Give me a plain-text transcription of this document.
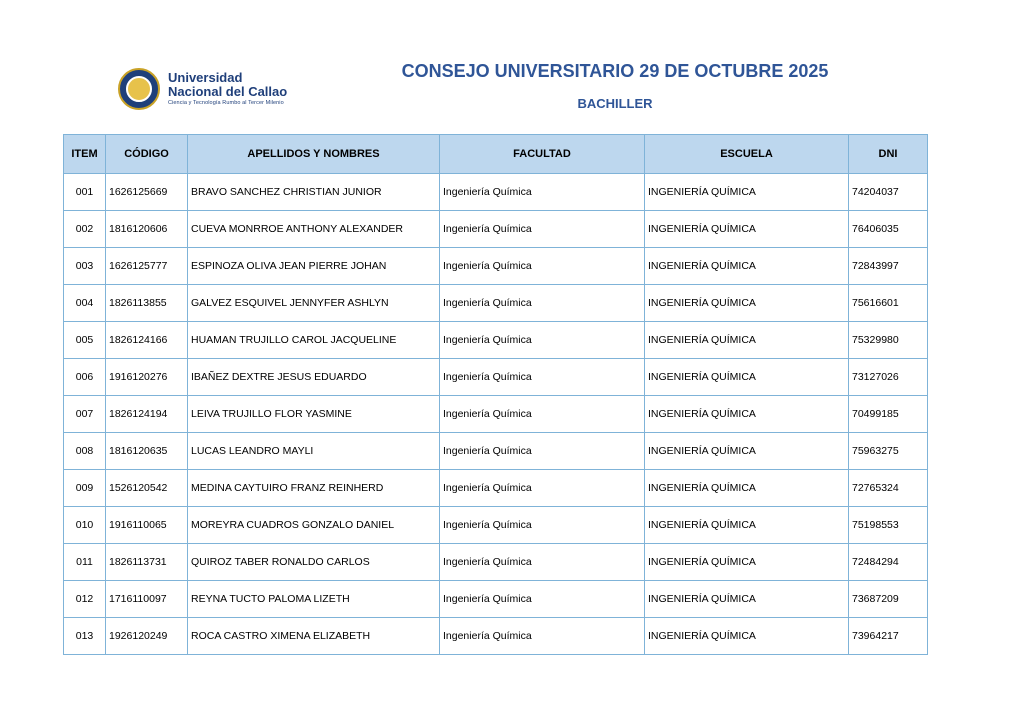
Universidad
Nacional del Callao
Ciencia y Tecnología Rumbo al Tercer Milenio
CONSEJO UNIVERSITARIO 29 DE OCTUBRE 2025
BACHILLER
ITEM	CÓDIGO	APELLIDOS Y NOMBRES	FACULTAD	ESCUELA	DNI
001	1626125669	BRAVO SANCHEZ CHRISTIAN JUNIOR	Ingeniería Química	INGENIERÍA QUÍMICA	74204037
002	1816120606	CUEVA MONRROE ANTHONY ALEXANDER	Ingeniería Química	INGENIERÍA QUÍMICA	76406035
003	1626125777	ESPINOZA OLIVA JEAN PIERRE JOHAN	Ingeniería Química	INGENIERÍA QUÍMICA	72843997
004	1826113855	GALVEZ ESQUIVEL JENNYFER ASHLYN	Ingeniería Química	INGENIERÍA QUÍMICA	75616601
005	1826124166	HUAMAN TRUJILLO CAROL JACQUELINE	Ingeniería Química	INGENIERÍA QUÍMICA	75329980
006	1916120276	IBAÑEZ DEXTRE JESUS EDUARDO	Ingeniería Química	INGENIERÍA QUÍMICA	73127026
007	1826124194	LEIVA TRUJILLO FLOR YASMINE	Ingeniería Química	INGENIERÍA QUÍMICA	70499185
008	1816120635	LUCAS LEANDRO MAYLI	Ingeniería Química	INGENIERÍA QUÍMICA	75963275
009	1526120542	MEDINA CAYTUIRO FRANZ REINHERD	Ingeniería Química	INGENIERÍA QUÍMICA	72765324
010	1916110065	MOREYRA CUADROS GONZALO DANIEL	Ingeniería Química	INGENIERÍA QUÍMICA	75198553
011	1826113731	QUIROZ TABER RONALDO CARLOS	Ingeniería Química	INGENIERÍA QUÍMICA	72484294
012	1716110097	REYNA TUCTO PALOMA LIZETH	Ingeniería Química	INGENIERÍA QUÍMICA	73687209
013	1926120249	ROCA CASTRO XIMENA ELIZABETH	Ingeniería Química	INGENIERÍA QUÍMICA	73964217
